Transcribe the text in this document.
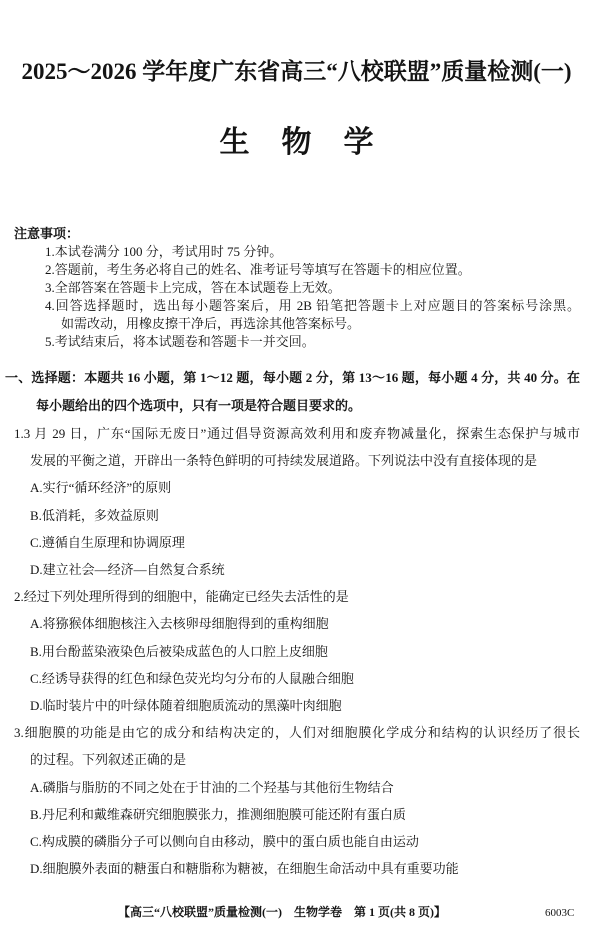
2025～2026 学年度广东省高三“八校联盟”质量检测(一)
生物学
注意事项：
1.本试卷满分 100 分，考试用时 75 分钟。
2.答题前，考生务必将自己的姓名、准考证号等填写在答题卡的相应位置。
3.全部答案在答题卡上完成，答在本试题卷上无效。
4.回答选择题时，选出每小题答案后，用 2B 铅笔把答题卡上对应题目的答案标号涂黑。
如需改动，用橡皮擦干净后，再选涂其他答案标号。
5.考试结束后，将本试题卷和答题卡一并交回。
一、选择题：本题共 16 小题，第 1～12 题，每小题 2 分，第 13～16 题，每小题 4 分，共 40 分。在
每小题给出的四个选项中，只有一项是符合题目要求的。
1.3 月 29 日，广东“国际无废日”通过倡导资源高效利用和废弃物减量化，探索生态保护与城市
发展的平衡之道，开辟出一条特色鲜明的可持续发展道路。下列说法中没有直接体现的是
A.实行“循环经济”的原则
B.低消耗，多效益原则
C.遵循自生原理和协调原理
D.建立社会—经济—自然复合系统
2.经过下列处理所得到的细胞中，能确定已经失去活性的是
A.将猕猴体细胞核注入去核卵母细胞得到的重构细胞
B.用台酚蓝染液染色后被染成蓝色的人口腔上皮细胞
C.经诱导获得的红色和绿色荧光均匀分布的人鼠融合细胞
D.临时装片中的叶绿体随着细胞质流动的黑藻叶肉细胞
3.细胞膜的功能是由它的成分和结构决定的，人们对细胞膜化学成分和结构的认识经历了很长
的过程。下列叙述正确的是
A.磷脂与脂肪的不同之处在于甘油的二个羟基与其他衍生物结合
B.丹尼利和戴维森研究细胞膜张力，推测细胞膜可能还附有蛋白质
C.构成膜的磷脂分子可以侧向自由移动，膜中的蛋白质也能自由运动
D.细胞膜外表面的糖蛋白和糖脂称为糖被，在细胞生命活动中具有重要功能
【高三“八校联盟”质量检测(一)　生物学卷　第 1 页(共 8 页)】	6003C
